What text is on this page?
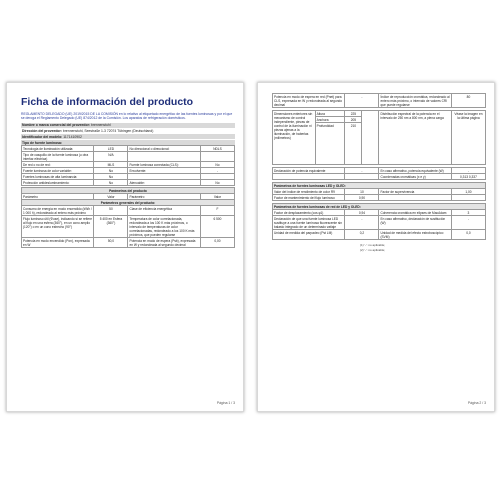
Ficha de información del producto
REGLAMENTO DELEGADO (UE) 2019/2015 DE LA COMISIÓN en lo relativo al etiquetado energético de las fuentes luminosas y por el que se deroga el Reglamento Delegado (UE) 874/2012 de la Comisión. Los aparatos de refrigeración domésticos.
Nombre o marca comercial del proveedor: brennenstuhl
Dirección del proveedor: brennenstuhl, Seestraße 1-3 72074 Tübingen (Deutschland)
Identificador del modelo: 1171410902
Tipo de fuente luminosa:
Tecnología de iluminación utilizada:	LED	No direccional o direccional:	NDLS
Tipo de casquillo de la fuente luminosa (u otra interfaz eléctrica)	N/A		
De red o no de red:	MLS	Fuente luminosa conectada (CLS):	No
Fuente luminosa de color variable:	No	Envolvente:	-
Fuentes luminosas de alta luminancia:	No		
Protección antideslumbramiento:	No	Atenuable:	No
Parámetros del producto			
Parámetro	Valor	Parámetro	Valor
Parámetros generales del producto:			
Consumo de energía en modo encendido (kWh / 1 000 h), redondeado al entero más próximo	50	Clase de eficiencia energética	F
Flujo luminoso útil (Φuse), indicando si se refiere al flujo en una esfera (360°), en un cono amplio (120°) o en un cono estrecho (90°)	5 400 en Esfera (360°)	Temperatura de color correlacionada, redondeada a los 100 K más próximos, o intervalo de temperaturas de color correlacionadas, redondeado a los 100 K más próximos, que pueden regularse	6 500
Potencia en modo encendido (Pon), expresada en W	50,0	Potencia en modo de espera (Psb), expresada en W y redondeada al segundo decimal	0,00
Página 1 / 3
Potencia en modo de espera en red (Pnet) para CLS, expresada en W y redondeada al segundo decimal	-	Índice de reproducción cromática, redondeado al entero más próximo, o intervalo de valores CRI que puede regularse	80
Dimensiones exteriores sin mecanismo de control independiente, piezas de control de la iluminación ni piezas ajenas a la iluminación, de haberlas (milímetros)	Altura	225		Distribución espectral de la potencia en el intervalo de 250 nm a 800 nm, a plena carga	Véase la imagen en la última página
	Anchura	205			
	Profundidad	210			
Declaración de potencia equivalente	-	En caso afirmativo, potencia equivalente (W)	-
		Coordenadas cromáticas (x e y)	0,313 0,337
Parámetros de fuentes luminosas LED y OLED:			
Valor del índice de rendimiento de color R9	10	Factor de supervivencia	1,00
Factor de mantenimiento del flujo luminoso	0,90		
Parámetros de fuentes luminosas de red de LED y OLED:			
Factor de desplazamiento (cos φ1)	0,94	Coherencia cromática en elipses de MacAdam	3
Declaración de que una fuente luminosa LED sustituye a una fuente luminosa fluorescente sin balasto integrado de un determinado vatiaje	-	En caso afirmativo, declaración de sustitución (W)	-
Unidad de medida del parpadeo (Pst LM)	0,2	Unidad de medida del efecto estroboscópico (SVM)	0,0
(1) '-': no aplicable;
(2) '-': no aplicable;
Página 2 / 3
